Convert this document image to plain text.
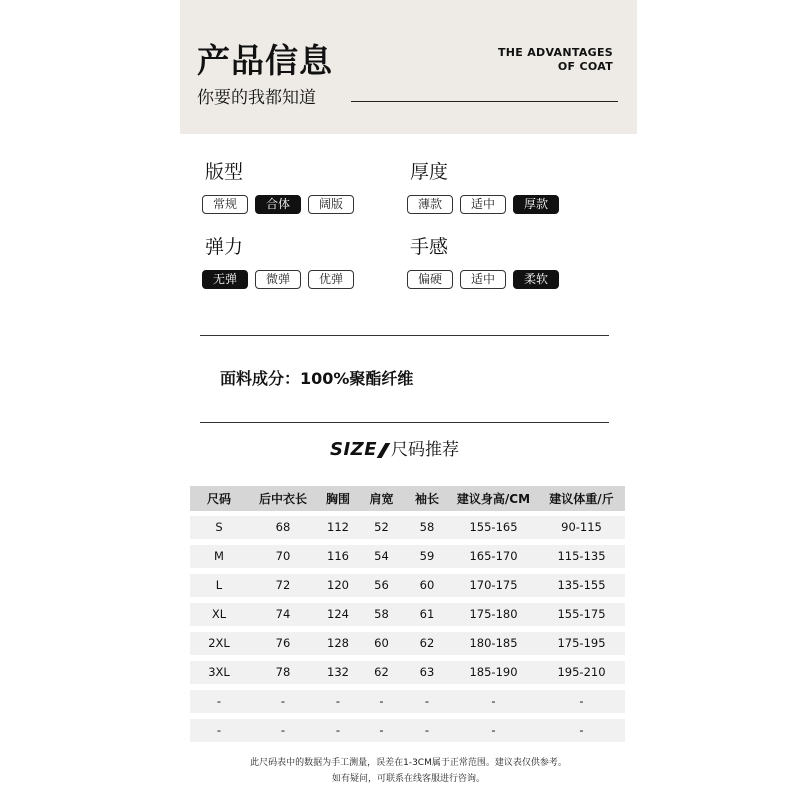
产品信息
你要的我都知道
THE ADVANTAGES
OF COAT
版型
常规	合体	阔版
厚度
薄款	适中	厚款
弹力
无弹	微弹	优弹
手感
偏硬	适中	柔软
面料成分：100%聚酯纤维
SIZE 尺码推荐
尺码	后中衣长	胸围	肩宽	袖长	建议身高/CM	建议体重/斤
S	68	112	52	58	155-165	90-115
M	70	116	54	59	165-170	115-135
L	72	120	56	60	170-175	135-155
XL	74	124	58	61	175-180	155-175
2XL	76	128	60	62	180-185	175-195
3XL	78	132	62	63	185-190	195-210
-	-	-	-	-	-	-
-	-	-	-	-	-	-
此尺码表中的数据为手工测量，误差在1-3CM属于正常范围。建议表仅供参考。
如有疑问，可联系在线客服进行咨询。
